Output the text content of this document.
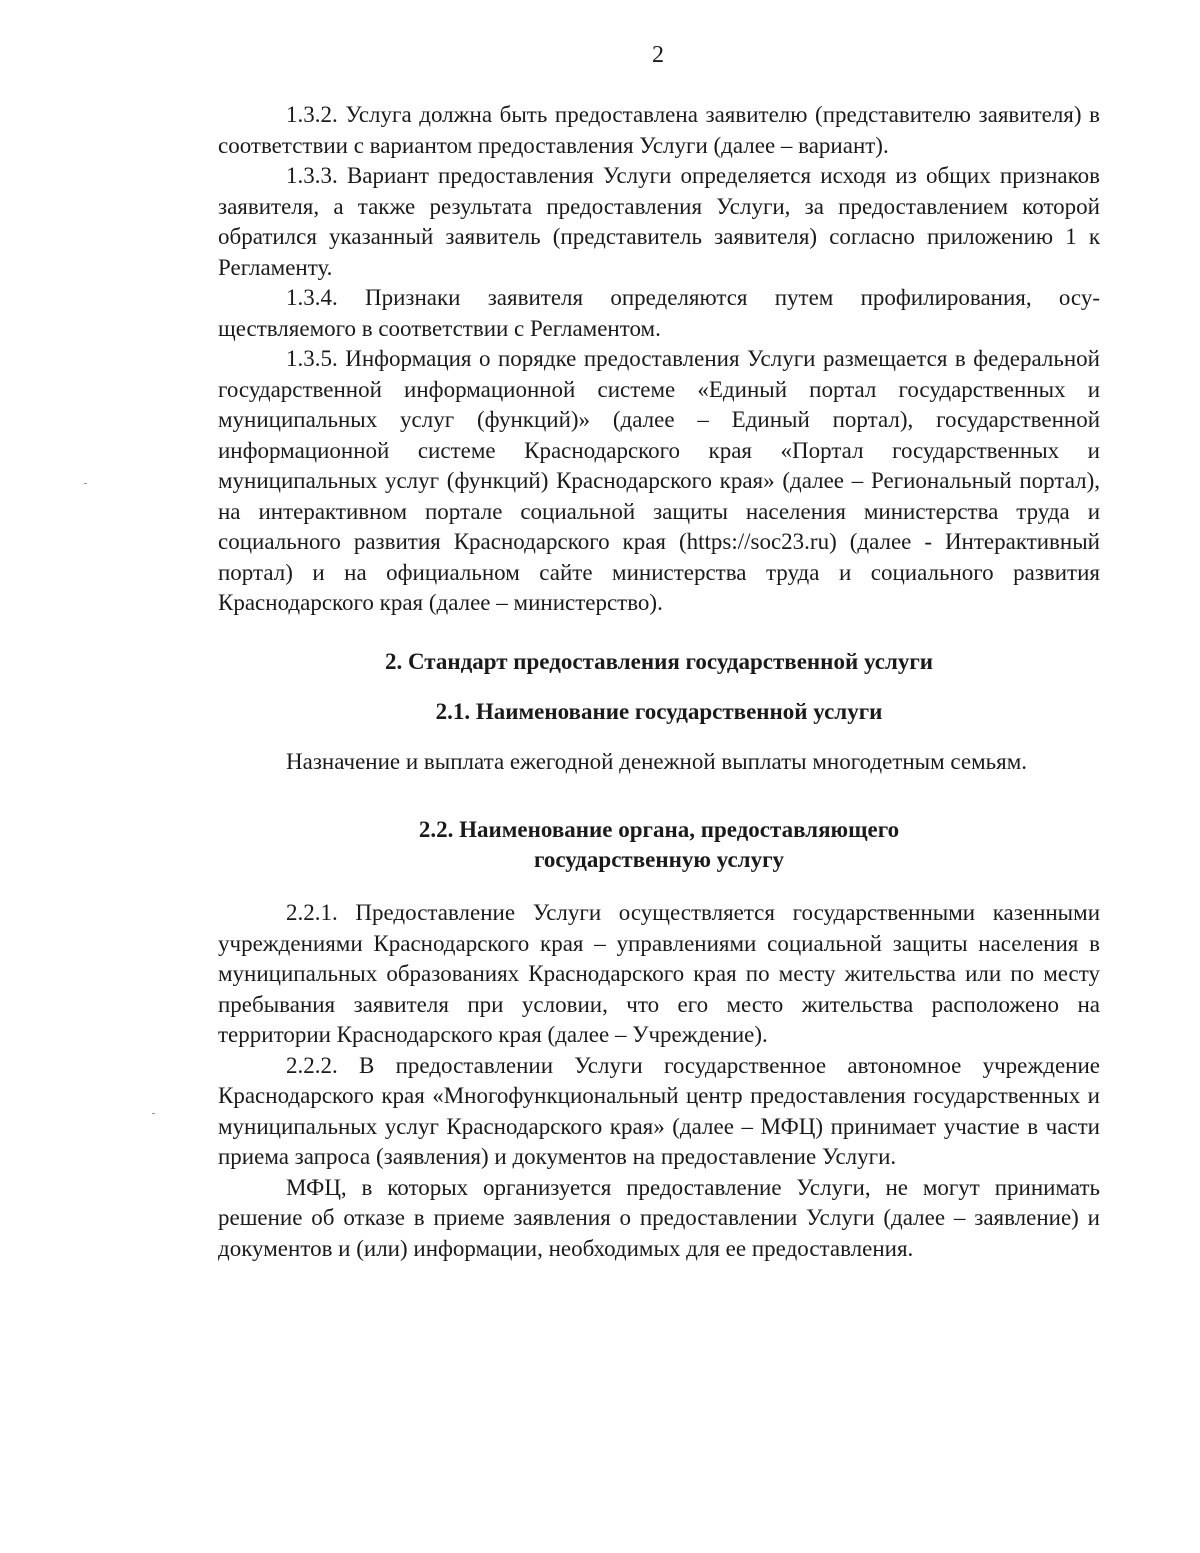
2

1.3.2. Услуга должна быть предоставлена заявителю (представителю заявителя) в соответствии с вариантом предоставления Услуги (далее – вариант).

1.3.3. Вариант предоставления Услуги определяется исходя из общих признаков заявителя, а также результата предоставления Услуги, за предоставлением которой обратился указанный заявитель (представитель заявителя) согласно приложению 1 к Регламенту.

1.3.4. Признаки заявителя определяются путем профилирования, осуществляемого в соответствии с Регламентом.

1.3.5. Информация о порядке предоставления Услуги размещается в федеральной государственной информационной системе «Единый портал государственных и муниципальных услуг (функций)» (далее – Единый портал), государственной информационной системе Краснодарского края «Портал государственных и муниципальных услуг (функций) Краснодарского края» (далее – Региональный портал), на интерактивном портале социальной защиты населения министерства труда и социального развития Краснодарского края (https://soc23.ru) (далее - Интерактивный портал) и на официальном сайте министерства труда и социального развития Краснодарского края (далее – министерство).

2. Стандарт предоставления государственной услуги

2.1. Наименование государственной услуги

Назначение и выплата ежегодной денежной выплаты многодетным семьям.

2.2. Наименование органа, предоставляющего
государственную услугу

2.2.1. Предоставление Услуги осуществляется государственными казенными учреждениями Краснодарского края – управлениями социальной защиты населения в муниципальных образованиях Краснодарского края по месту жительства или по месту пребывания заявителя при условии, что его место жительства расположено на территории Краснодарского края (далее – Учреждение).

2.2.2. В предоставлении Услуги государственное автономное учреждение Краснодарского края «Многофункциональный центр предоставления государственных и муниципальных услуг Краснодарского края» (далее – МФЦ) принимает участие в части приема запроса (заявления) и документов на предоставление Услуги.

МФЦ, в которых организуется предоставление Услуги, не могут принимать решение об отказе в приеме заявления о предоставлении Услуги (далее – заявление) и документов и (или) информации, необходимых для ее предоставления.
